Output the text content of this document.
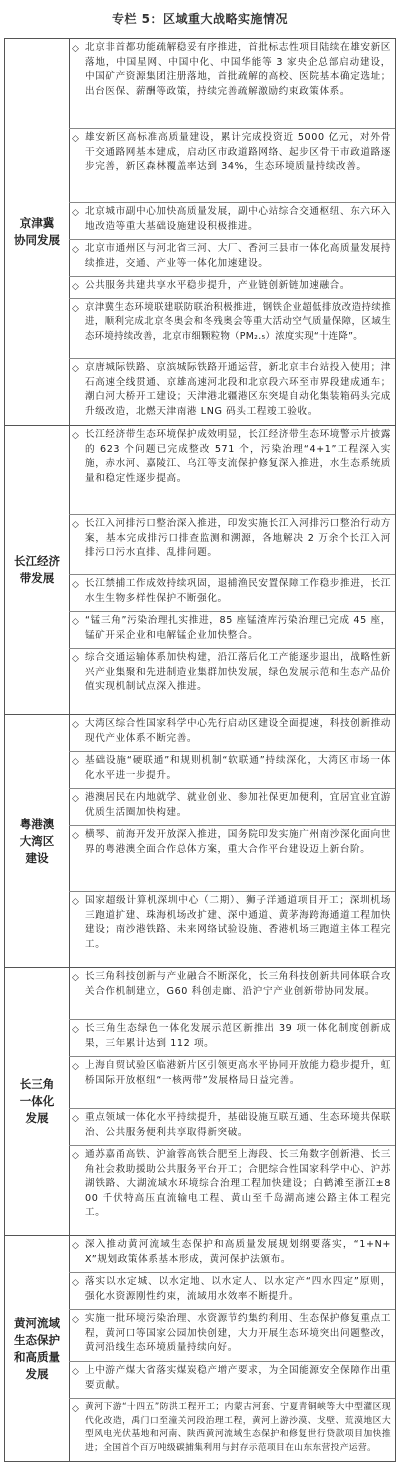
专栏 5：区域重大战略实施情况
京津冀
协同发展
◇ 北京非首都功能疏解稳妥有序推进，首批标志性项目陆续在雄安新区落地，中国星网、中国中化、中国华能等 3 家央企总部启动建设，中国矿产资源集团注册落地，首批疏解的高校、医院基本确定选址；出台医保、薪酬等政策，持续完善疏解激励约束政策体系。
◇ 雄安新区高标准高质量建设，累计完成投资近 5000 亿元，对外骨干交通路网基本建成，启动区市政道路网络、起步区骨干市政道路逐步完善，新区森林覆盖率达到 34%，生态环境质量持续改善。
◇ 北京城市副中心加快高质量发展，副中心站综合交通枢纽、东六环入地改造等重大基础设施建设积极推进。
◇ 北京市通州区与河北省三河、大厂、香河三县市一体化高质量发展持续推进，交通、产业等一体化加速建设。
◇ 公共服务共建共享水平稳步提升，产业链创新链加速融合。
◇ 京津冀生态环境联建联防联治积极推进，钢铁企业超低排放改造持续推进，顺利完成北京冬奥会和冬残奥会等重大活动空气质量保障，区域生态环境持续改善，北京市细颗粒物（PM₂.₅）浓度实现“十连降”。
◇ 京唐城际铁路、京滨城际铁路开通运营，新北京丰台站投入使用；津石高速全线贯通、京雄高速河北段和北京段六环至市界段建成通车；潮白河大桥开工建设；天津港北疆港区东突堤自动化集装箱码头完成升级改造，北燃天津南港 LNG 码头工程竣工验收。
长江经济
带发展
◇ 长江经济带生态环境保护成效明显，长江经济带生态环境警示片披露的 623 个问题已完成整改 571 个，污染治理“4+1”工程深入实施，赤水河、嘉陵江、乌江等支流保护修复深入推进，水生态系统质量和稳定性逐步提高。
◇ 长江入河排污口整治深入推进，印发实施长江入河排污口整治行动方案，基本完成排污口排查监测和溯源，各地解决 2 万余个长江入河排污口污水直排、乱排问题。
◇ 长江禁捕工作成效持续巩固，退捕渔民安置保障工作稳步推进，长江水生生物多样性保护不断强化。
◇ “锰三角”污染治理扎实推进，85 座锰渣库污染治理已完成 45 座，锰矿开采企业和电解锰企业加快整合。
◇ 综合交通运输体系加快构建，沿江落后化工产能逐步退出，战略性新兴产业集聚和先进制造业集群加快发展，绿色发展示范和生态产品价值实现机制试点深入推进。
粤港澳
大湾区
建设
◇ 大湾区综合性国家科学中心先行启动区建设全面提速，科技创新推动现代产业体系不断完善。
◇ 基础设施“硬联通”和规则机制“软联通”持续深化，大湾区市场一体化水平进一步提升。
◇ 港澳居民在内地就学、就业创业、参加社保更加便利，宜居宜业宜游优质生活圈加快构建。
◇ 横琴、前海开发开放深入推进，国务院印发实施广州南沙深化面向世界的粤港澳全面合作总体方案，重大合作平台建设迈上新台阶。
◇ 国家超级计算机深圳中心（二期）、狮子洋通道项目开工；深圳机场三跑道扩建、珠海机场改扩建、深中通道、黄茅海跨海通道工程加快建设；南沙港铁路、未来网络试验设施、香港机场三跑道主体工程完工。
长三角
一体化
发展
◇ 长三角科技创新与产业融合不断深化，长三角科技创新共同体联合攻关合作机制建立，G60 科创走廊、沿沪宁产业创新带协同发展。
◇ 长三角生态绿色一体化发展示范区新推出 39 项一体化制度创新成果，三年累计达到 112 项。
◇ 上海自贸试验区临港新片区引领更高水平协同开放能力稳步提升，虹桥国际开放枢纽“一核两带”发展格局日益完善。
◇ 重点领域一体化水平持续提升，基础设施互联互通、生态环境共保联治、公共服务便利共享取得新突破。
◇ 通苏嘉甬高铁、沪渝蓉高铁合肥至上海段、长三角数字创新港、长三角社会救助援助公共服务平台开工；合肥综合性国家科学中心、沪苏湖铁路、大湖流域水环境综合治理工程加快建设；白鹤滩至浙江±800 千伏特高压直流输电工程、黄山至千岛湖高速公路主体工程完工。
黄河流域
生态保护
和高质量
发展
◇ 深入推动黄河流域生态保护和高质量发展规划纲要落实，“1+N+X”规划政策体系基本形成，黄河保护法颁布。
◇ 落实以水定城、以水定地、以水定人、以水定产“四水四定”原则，强化水资源刚性约束，流域用水效率不断提升。
◇ 实施一批环境污染治理、水资源节约集约利用、生态保护修复重点工程，黄河口等国家公园加快创建，大力开展生态环境突出问题整改，黄河沿线生态环境质量持续向好。
◇ 上中游产煤大省落实煤炭稳产增产要求，为全国能源安全保障作出重要贡献。
◇ 黄河下游“十四五”防洪工程开工；内蒙古河套、宁夏青铜峡等大中型灌区现代化改造，禹门口至潼关河段治理工程，黄河上游沙漠、戈壁、荒漠地区大型风电光伏基地和河南、陕西黄河流域生态保护和修复世行贷款项目加快推进；全国首个百万吨级碳捕集利用与封存示范项目在山东东营投产运营。
